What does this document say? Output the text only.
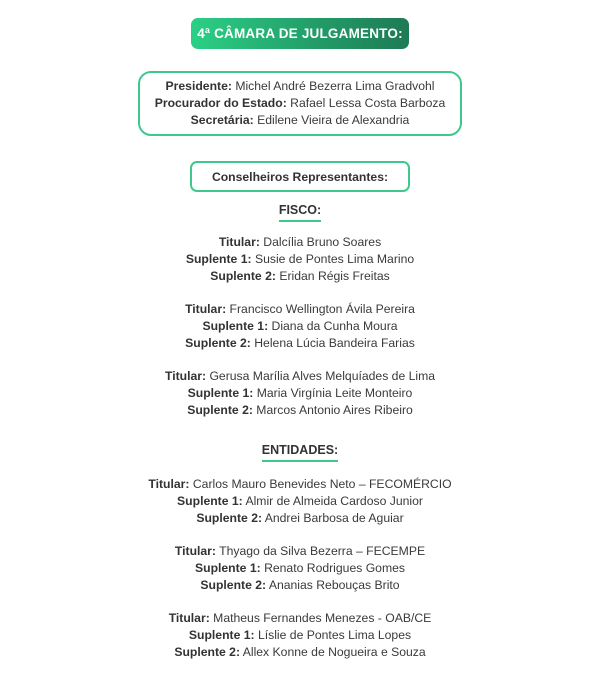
4ª CÂMARA DE JULGAMENTO:
Presidente: Michel André Bezerra Lima Gradvohl
Procurador do Estado: Rafael Lessa Costa Barboza
Secretária: Edilene Vieira de Alexandria
Conselheiros Representantes:
FISCO:
Titular: Dalcília Bruno Soares
Suplente 1: Susie de Pontes Lima Marino
Suplente 2: Eridan Régis Freitas
Titular: Francisco Wellington Ávila Pereira
Suplente 1: Diana da Cunha Moura
Suplente 2: Helena Lúcia Bandeira Farias
Titular: Gerusa Marília Alves Melquíades de Lima
Suplente 1: Maria Virgínia Leite Monteiro
Suplente 2: Marcos Antonio Aires Ribeiro
ENTIDADES:
Titular: Carlos Mauro Benevides Neto – FECOMÉRCIO
Suplente 1: Almir de Almeida Cardoso Junior
Suplente 2: Andrei Barbosa de Aguiar
Titular: Thyago da Silva Bezerra – FECEMPE
Suplente 1: Renato Rodrigues Gomes
Suplente 2: Ananias Rebouças Brito
Titular: Matheus Fernandes Menezes - OAB/CE
Suplente 1: Líslie de Pontes Lima Lopes
Suplente 2: Allex Konne de Nogueira e Souza
